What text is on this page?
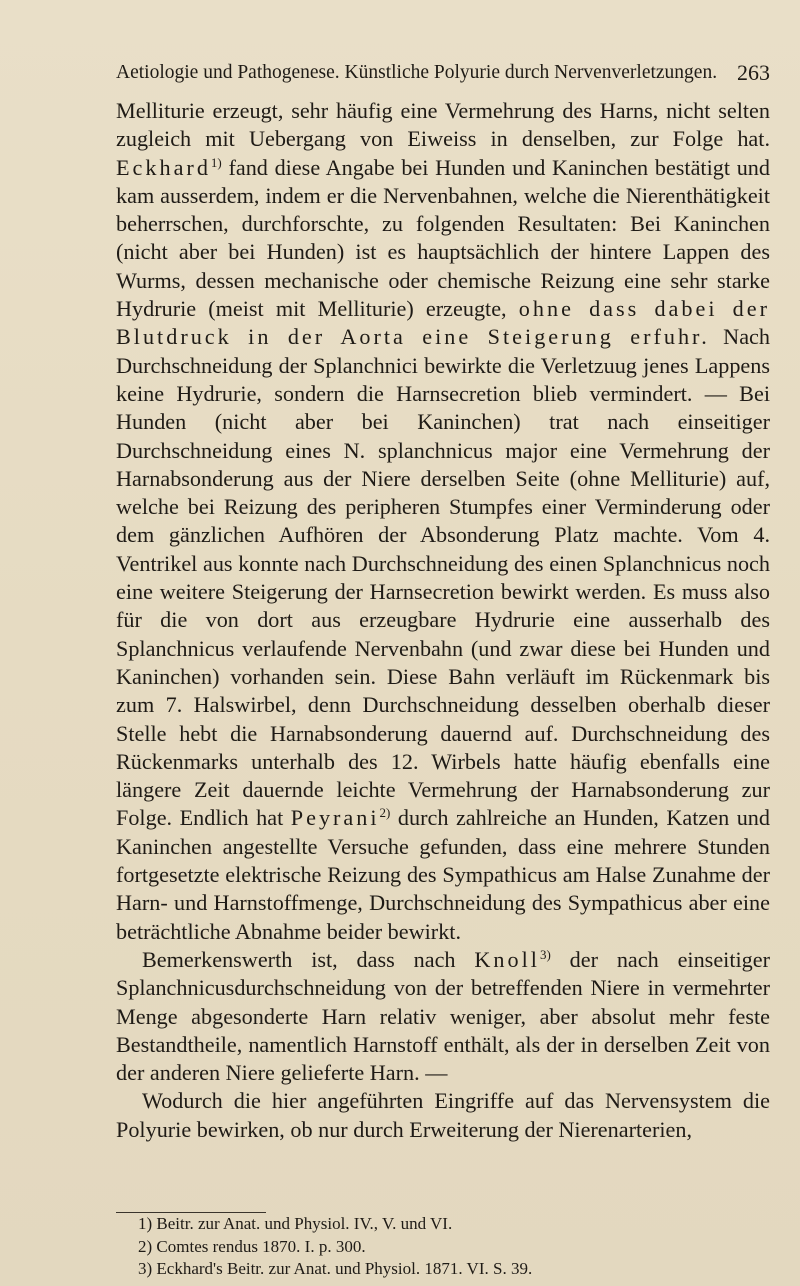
Aetiologie und Pathogenese. Künstliche Polyurie durch Nervenverletzungen. 263

Melliturie erzeugt, sehr häufig eine Vermehrung des Harns, nicht selten zugleich mit Uebergang von Eiweiss in denselben, zur Folge hat. Eckhard$^{1)}$ fand diese Angabe bei Hunden und Kaninchen bestätigt und kam ausserdem, indem er die Nervenbahnen, welche die Nierenthätigkeit beherrschen, durchforschte, zu folgenden Resultaten: Bei Kaninchen (nicht aber bei Hunden) ist es hauptsächlich der hintere Lappen des Wurms, dessen mechanische oder chemische Reizung eine sehr starke Hydrurie (meist mit Melliturie) erzeugte, ohne dass dabei der Blutdruck in der Aorta eine Steigerung erfuhr. Nach Durchschneidung der Splanchnici bewirkte die Verletzuug jenes Lappens keine Hydrurie, sondern die Harnsecretion blieb vermindert. — Bei Hunden (nicht aber bei Kaninchen) trat nach einseitiger Durchschneidung eines N. splanchnicus major eine Vermehrung der Harnabsonderung aus der Niere derselben Seite (ohne Melliturie) auf, welche bei Reizung des peripheren Stumpfes einer Verminderung oder dem gänzlichen Aufhören der Absonderung Platz machte. Vom 4. Ventrikel aus konnte nach Durchschneidung des einen Splanchnicus noch eine weitere Steigerung der Harnsecretion bewirkt werden. Es muss also für die von dort aus erzeugbare Hydrurie eine ausserhalb des Splanchnicus verlaufende Nervenbahn (und zwar diese bei Hunden und Kaninchen) vorhanden sein. Diese Bahn verläuft im Rückenmark bis zum 7. Halswirbel, denn Durchschneidung desselben oberhalb dieser Stelle hebt die Harnabsonderung dauernd auf. Durchschneidung des Rückenmarks unterhalb des 12. Wirbels hatte häufig ebenfalls eine längere Zeit dauernde leichte Vermehrung der Harnabsonderung zur Folge. Endlich hat Peyrani$^{2)}$ durch zahlreiche an Hunden, Katzen und Kaninchen angestellte Versuche gefunden, dass eine mehrere Stunden fortgesetzte elektrische Reizung des Sympathicus am Halse Zunahme der Harn- und Harnstoffmenge, Durchschneidung des Sympathicus aber eine beträchtliche Abnahme beider bewirkt.

Bemerkenswerth ist, dass nach Knoll$^{3)}$ der nach einseitiger Splanchnicusdurchschneidung von der betreffenden Niere in vermehrter Menge abgesonderte Harn relativ weniger, aber absolut mehr feste Bestandtheile, namentlich Harnstoff enthält, als der in derselben Zeit von der anderen Niere gelieferte Harn. —

Wodurch die hier angeführten Eingriffe auf das Nervensystem die Polyurie bewirken, ob nur durch Erweiterung der Nierenarterien,

1) Beitr. zur Anat. und Physiol. IV., V. und VI.
2) Comtes rendus 1870. I. p. 300.
3) Eckhard's Beitr. zur Anat. und Physiol. 1871. VI. S. 39.
